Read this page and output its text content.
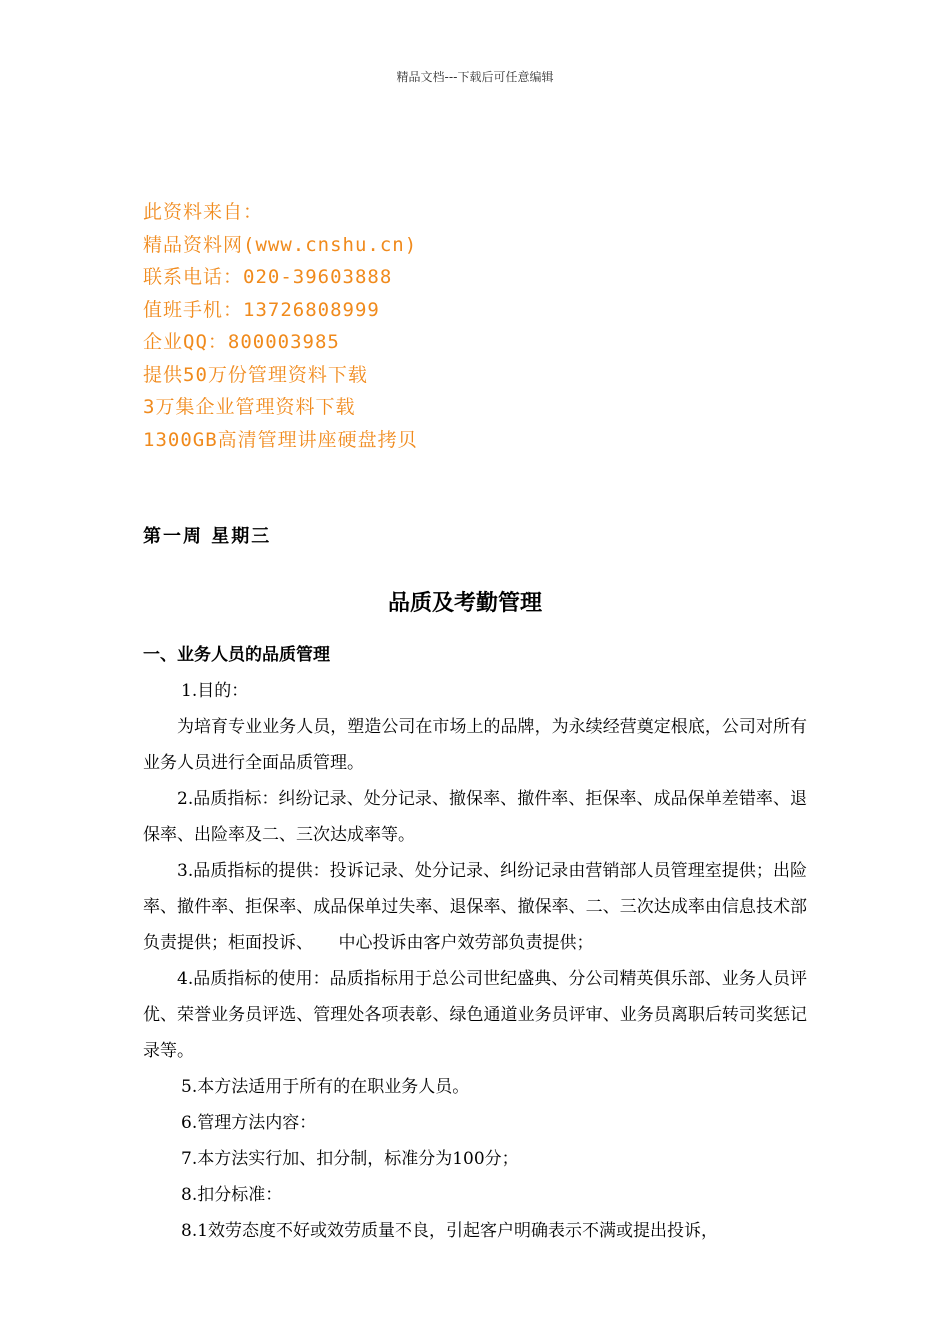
精品文档---下载后可任意编辑
此资料来自：
精品资料网(www.cnshu.cn)
联系电话：020-39603888
值班手机：13726808999
企业QQ：800003985
提供50万份管理资料下载
3万集企业管理资料下载
1300GB高清管理讲座硬盘拷贝
第一周 星期三
品质及考勤管理
一、业务人员的品质管理

1.目的：

为培育专业业务人员，塑造公司在市场上的品牌，为永续经营奠定根底，公司对所有业务人员进行全面品质管理。

2.品质指标：纠纷记录、处分记录、撤保率、撤件率、拒保率、成品保单差错率、退保率、出险率及二、三次达成率等。

3.品质指标的提供：投诉记录、处分记录、纠纷记录由营销部人员管理室提供；出险率、撤件率、拒保率、成品保单过失率、退保率、撤保率、二、三次达成率由信息技术部负责提供；柜面投诉、　　中心投诉由客户效劳部负责提供；

4.品质指标的使用：品质指标用于总公司世纪盛典、分公司精英俱乐部、业务人员评优、荣誉业务员评选、管理处各项表彰、绿色通道业务员评审、业务员离职后转司奖惩记录等。

5.本方法适用于所有的在职业务人员。

6.管理方法内容：

7.本方法实行加、扣分制，标准分为100分；

8.扣分标准：

8.1效劳态度不好或效劳质量不良，引起客户明确表示不满或提出投诉，
